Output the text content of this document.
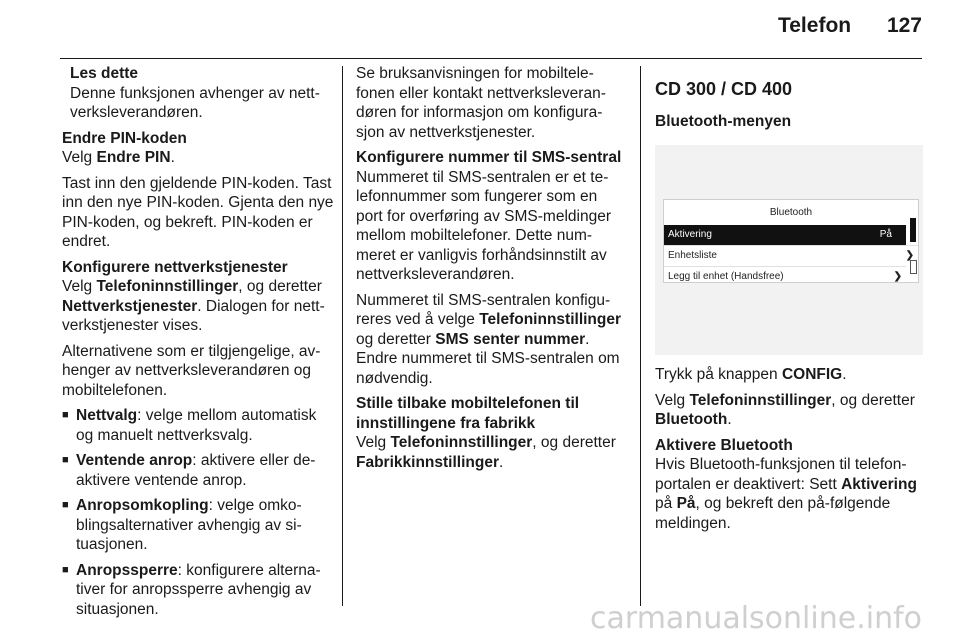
Telefon 127
Les dette
Denne funksjonen avhenger av nett-verksleverandøren.
Endre PIN-koden

Velg Endre PIN.

Tast inn den gjeldende PIN-koden. Tast inn den nye PIN-koden. Gjenta den nye PIN-koden, og bekreft. PIN-koden er endret.

Konfigurere nettverkstjenester

Velg Telefoninnstillinger, og deretter Nettverkstjenester. Dialogen for nett-verkstjenester vises.

Alternativene som er tilgjengelige, av-henger av nettverksleverandøren og mobiltelefonen.

■ Nettvalg: velge mellom automatisk og manuelt nettverksvalg.
■ Ventende anrop: aktivere eller de-aktivere ventende anrop.
■ Anropsomkopling: velge omko-blingsalternativer avhengig av si-tuasjonen.
■ Anropssperre: konfigurere alterna-tiver for anropssperre avhengig av situasjonen.

Se bruksanvisningen for mobiltele-fonen eller kontakt nettverksleveran-døren for informasjon om konfigura-sjon av nettverkstjenester.

Konfigurere nummer til SMS-sentral

Nummeret til SMS-sentralen er et te-lefonnummer som fungerer som en port for overføring av SMS-meldinger mellom mobiltelefoner. Dette num-meret er vanligvis forhåndsinnstilt av nettverksleverandøren.

Nummeret til SMS-sentralen konfigu-reres ved å velge Telefoninnstillinger og deretter SMS senter nummer. Endre nummeret til SMS-sentralen om nødvendig.

Stille tilbake mobiltelefonen til innstillingene fra fabrikk

Velg Telefoninnstillinger, og deretter Fabrikkinnstillinger.

CD 300 / CD 400
Bluetooth-menyen
Bluetooth
Aktivering	På
Enhetsliste	❯
Legg til enhet (Handsfree)	❯

Trykk på knappen CONFIG.

Velg Telefoninnstillinger, og deretter Bluetooth.

Aktivere Bluetooth

Hvis Bluetooth-funksjonen til telefon-portalen er deaktivert: Sett Aktivering på På, og bekreft den på-følgende meldingen.

carmanualsonline.info
